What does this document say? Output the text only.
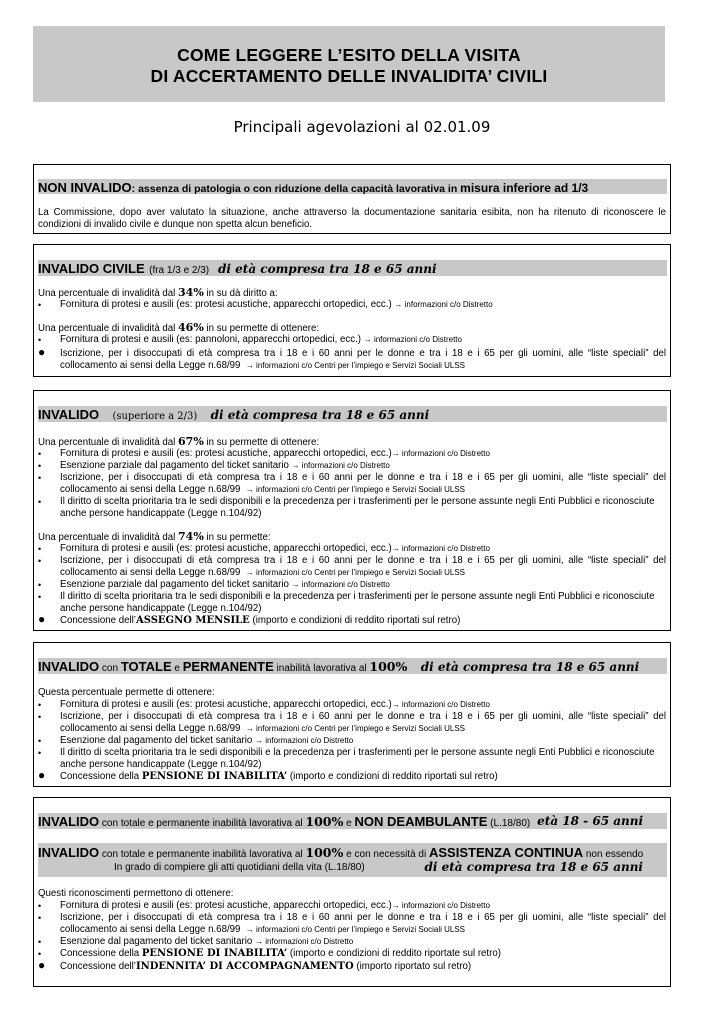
COME LEGGERE L’ESITO DELLA VISITA
DI ACCERTAMENTO DELLE INVALIDITA’ CIVILI
Principali agevolazioni al 02.01.09
NON INVALIDO: assenza di patologia o con riduzione della capacità lavorativa in misura inferiore ad 1/3
La Commissione, dopo aver valutato la situazione, anche attraverso la documentazione sanitaria esibita, non ha ritenuto di riconoscere le
condizioni di invalido civile e dunque non spetta alcun beneficio.
INVALIDO CIVILE (fra 1/3 e 2/3) di età compresa tra 18 e 65 anni
Una percentuale di invalidità dal 34% in su dà diritto a:
• Fornitura di protesi e ausili (es: protesi acustiche, apparecchi ortopedici, ecc.) → informazioni c/o Distretto
Una percentuale di invalidità dal 46% in su permette di ottenere:
• Fornitura di protesi e ausili (es: pannoloni, apparecchi ortopedici, ecc.) → informazioni c/o Distretto
● Iscrizione, per i disoccupati di età compresa tra i 18 e i 60 anni per le donne e tra i 18 e i 65 per gli uomini, alle “liste speciali” del
collocamento ai sensi della Legge n.68/99 → informazioni c/o Centri per l’impiego e Servizi Sociali ULSS
INVALIDO (superiore a 2/3) di età compresa tra 18 e 65 anni
Una percentuale di invalidità dal 67% in su permette di ottenere:
• Fornitura di protesi e ausili (es: protesi acustiche, apparecchi ortopedici, ecc.)→ informazioni c/o Distretto
• Esenzione parziale dal pagamento del ticket sanitario → informazioni c/o Distretto
• Iscrizione, per i disoccupati di età compresa tra i 18 e i 60 anni per le donne e tra i 18 e i 65 per gli uomini, alle “liste speciali” del
collocamento ai sensi della Legge n.68/99 → informazioni c/o Centri per l’impiego e Servizi Sociali ULSS
• Il diritto di scelta prioritaria tra le sedi disponibili e la precedenza per i trasferimenti per le persone assunte negli Enti Pubblici e riconosciute
anche persone handicappate (Legge n.104/92)
Una percentuale di invalidità dal 74% in su permette:
• Fornitura di protesi e ausili (es: protesi acustiche, apparecchi ortopedici, ecc.)→ informazioni c/o Distretto
• Iscrizione, per i disoccupati di età compresa tra i 18 e i 60 anni per le donne e tra i 18 e i 65 per gli uomini, alle “liste speciali” del
collocamento ai sensi della Legge n.68/99 → informazioni c/o Centri per l’impiego e Servizi Sociali ULSS
• Esenzione parziale dal pagamento del ticket sanitario → informazioni c/o Distretto
• Il diritto di scelta prioritaria tra le sedi disponibili e la precedenza per i trasferimenti per le persone assunte negli Enti Pubblici e riconosciute
anche persone handicappate (Legge n.104/92)
● Concessione dell’ASSEGNO MENSILE (importo e condizioni di reddito riportati sul retro)
INVALIDO con TOTALE e PERMANENTE inabilità lavorativa al 100% di età compresa tra 18 e 65 anni
Questa percentuale permette di ottenere:
• Fornitura di protesi e ausili (es: protesi acustiche, apparecchi ortopedici, ecc.)→ informazioni c/o Distretto
• Iscrizione, per i disoccupati di età compresa tra i 18 e i 60 anni per le donne e tra i 18 e i 65 per gli uomini, alle “liste speciali” del
collocamento ai sensi della Legge n.68/99 → informazioni c/o Centri per l’impiego e Servizi Sociali ULSS
• Esenzione dal pagamento del ticket sanitario → informazioni c/o Distretto
• Il diritto di scelta prioritaria tra le sedi disponibili e la precedenza per i trasferimenti per le persone assunte negli Enti Pubblici e riconosciute
anche persone handicappate (Legge n.104/92)
● Concessione della PENSIONE DI INABILITA’ (importo e condizioni di reddito riportati sul retro)
INVALIDO con totale e permanente inabilità lavorativa al 100% e NON DEAMBULANTE (L.18/80) età 18 - 65 anni
INVALIDO con totale e permanente inabilità lavorativa al 100% e con necessità di ASSISTENZA CONTINUA non essendo
In grado di compiere gli atti quotidiani della vita (L.18/80)	di età compresa tra 18 e 65 anni
Questi riconoscimenti permettono di ottenere:
• Fornitura di protesi e ausili (es: protesi acustiche, apparecchi ortopedici, ecc.)→ informazioni c/o Distretto
• Iscrizione, per i disoccupati di età compresa tra i 18 e i 60 anni per le donne e tra i 18 e i 65 per gli uomini, alle “liste speciali” del
collocamento ai sensi della Legge n.68/99 → informazioni c/o Centri per l’impiego e Servizi Sociali ULSS
• Esenzione dal pagamento del ticket sanitario → informazioni c/o Distretto
• Concessione della PENSIONE DI INABILITA’ (importo e condizioni di reddito riportate sul retro)
● Concessione dell’INDENNITA’ DI ACCOMPAGNAMENTO (importo riportato sul retro)
